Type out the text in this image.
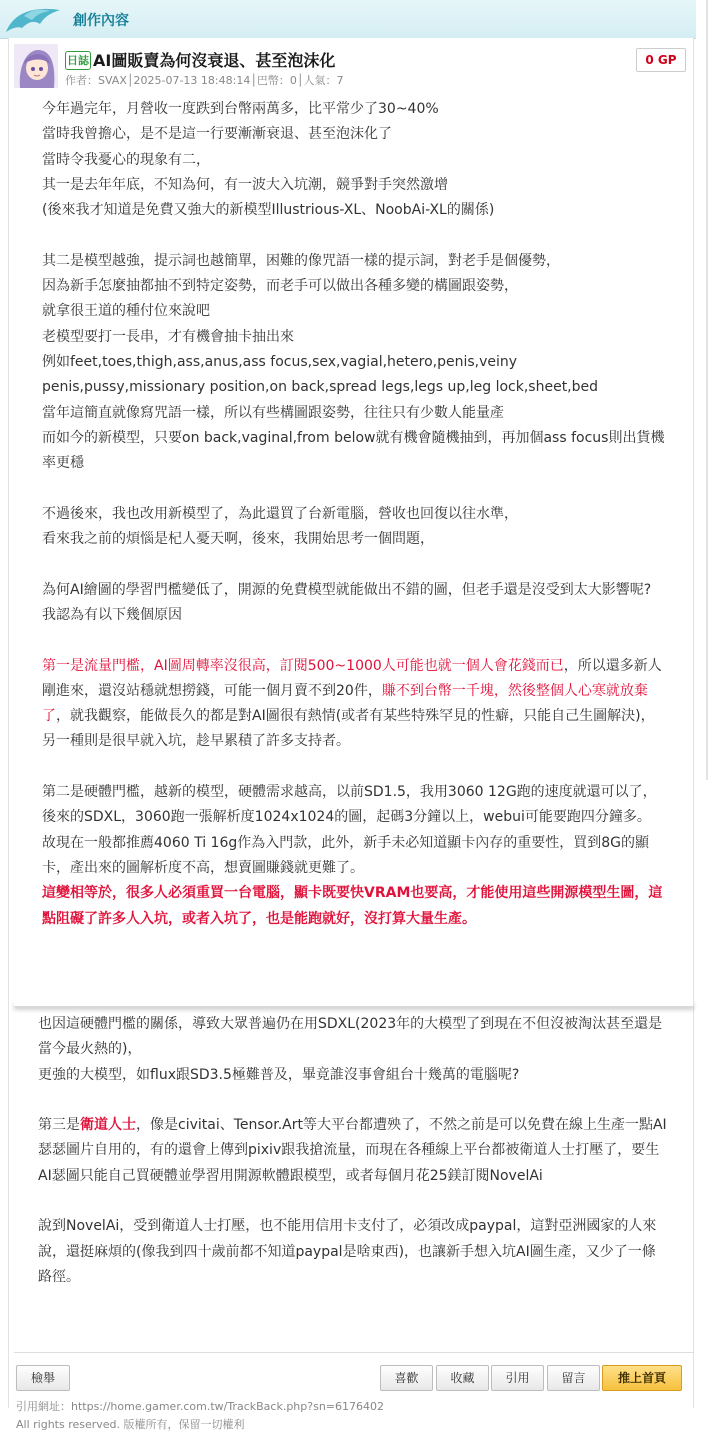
創作內容
日誌 AI圖販賣為何沒衰退、甚至泡沫化
作者：SVAX│2025-07-13 18:48:14│巴幣：0│人氣：7
0 GP

今年過完年，月營收一度跌到台幣兩萬多，比平常少了30~40%

當時我曾擔心，是不是這一行要漸漸衰退、甚至泡沫化了

當時令我憂心的現象有二，

其一是去年年底，不知為何，有一波大入坑潮，競爭對手突然激增

(後來我才知道是免費又強大的新模型Illustrious-XL、NoobAi-XL的關係)

其二是模型越強，提示詞也越簡單，困難的像咒語一樣的提示詞，對老手是個優勢，

因為新手怎麼抽都抽不到特定姿勢，而老手可以做出各種多變的構圖跟姿勢，

就拿很王道的種付位來說吧

老模型要打一長串，才有機會抽卡抽出來

例如feet,toes,thigh,ass,anus,ass focus,sex,vagial,hetero,penis,veiny penis,pussy,missionary position,on back,spread legs,legs up,leg lock,sheet,bed

當年這簡直就像寫咒語一樣，所以有些構圖跟姿勢，往往只有少數人能量產

而如今的新模型，只要on back,vaginal,from below就有機會隨機抽到，再加個ass focus則出貨機率更穩

不過後來，我也改用新模型了，為此還買了台新電腦，營收也回復以往水準，

看來我之前的煩惱是杞人憂天啊，後來，我開始思考一個問題，

為何AI繪圖的學習門檻變低了，開源的免費模型就能做出不錯的圖，但老手還是沒受到太大影響呢?

我認為有以下幾個原因

第一是流量門檻，AI圖周轉率沒很高，訂閱500~1000人可能也就一個人會花錢而已，所以還多新人剛進來，還沒站穩就想撈錢，可能一個月賣不到20件，賺不到台幣一千塊，然後整個人心寒就放棄了，就我觀察，能做長久的都是對AI圖很有熱情(或者有某些特殊罕見的性癖，只能自己生圖解決)，另一種則是很早就入坑，趁早累積了許多支持者。

第二是硬體門檻，越新的模型，硬體需求越高，以前SD1.5，我用3060 12G跑的速度就還可以了，後來的SDXL，3060跑一張解析度1024x1024的圖，起碼3分鐘以上，webui可能要跑四分鐘多。

故現在一般都推薦4060 Ti 16g作為入門款，此外，新手未必知道顯卡內存的重要性，買到8G的顯卡，產出來的圖解析度不高，想賣圖賺錢就更難了。

這變相等於，很多人必須重買一台電腦，顯卡既要快VRAM也要高，才能使用這些開源模型生圖，這點阻礙了許多人入坑，或者入坑了，也是能跑就好，沒打算大量生產。

也因這硬體門檻的關係，導致大眾普遍仍在用SDXL(2023年的大模型了到現在不但沒被淘汰甚至還是當今最火熱的)，

更強的大模型，如flux跟SD3.5極難普及，畢竟誰沒事會組台十幾萬的電腦呢?

第三是衛道人士，像是civitai、Tensor.Art等大平台都遭殃了，不然之前是可以免費在線上生產一點AI瑟瑟圖片自用的，有的還會上傳到pixiv跟我搶流量，而現在各種線上平台都被衛道人士打壓了，要生AI瑟圖只能自己買硬體並學習用開源軟體跟模型，或者每個月花25鎂訂閱NovelAi

說到NovelAi，受到衛道人士打壓，也不能用信用卡支付了，必須改成paypal，這對亞洲國家的人來說，還挺麻煩的(像我到四十歲前都不知道paypal是啥東西)，也讓新手想入坑AI圖生產，又少了一條路徑。

檢舉	喜歡	收藏	引用	留言	推上首頁
引用網址：https://home.gamer.com.tw/TrackBack.php?sn=6176402
All rights reserved. 版權所有，保留一切權利
